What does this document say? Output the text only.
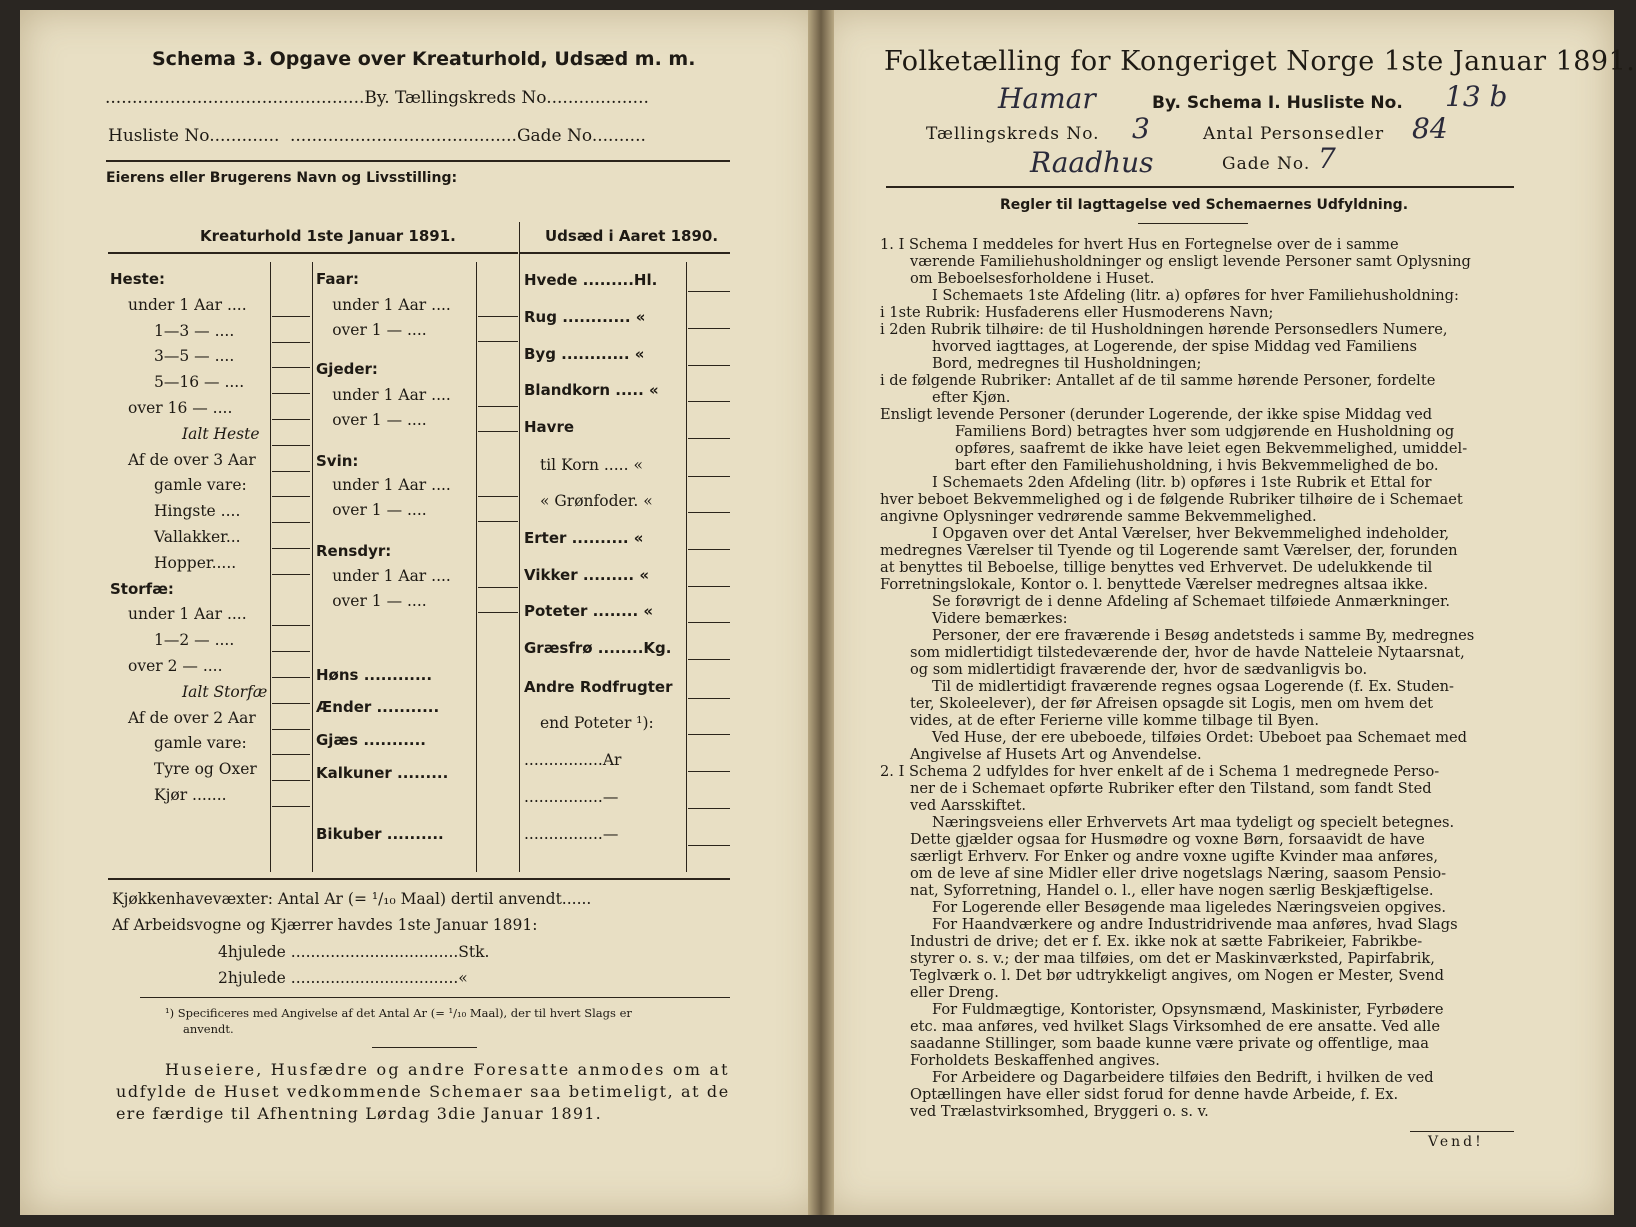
Schema 3. Opgave over Kreaturhold, Udsæd m. m.
................................................By. Tællingskreds No...................
Husliste No............. ..........................................Gade No..........
Eierens eller Brugerens Navn og Livsstilling:
Kreaturhold 1ste Januar 1891.	Udsæd i Aaret 1890.
Heste:
under 1 Aar ....
1—3 — ....
3—5 — ....
5—16 — ....
over 16 — ....
Ialt Heste
Af de over 3 Aar
gamle vare:
Hingste ....
Vallakker...
Hopper.....
Storfæ:
under 1 Aar ....
1—2 — ....
over 2 — ....
Ialt Storfæ
Af de over 2 Aar
gamle vare:
Tyre og Oxer
Kjør .......
Faar:
under 1 Aar ....
over 1 — ....
Gjeder:
under 1 Aar ....
over 1 — ....
Svin:
under 1 Aar ....
over 1 — ....
Rensdyr:
under 1 Aar ....
over 1 — ....
Høns ............
Ænder ...........
Gjæs ...........
Kalkuner .........
Bikuber ..........
Hvede .........Hl.
Rug ............ «
Byg ............ «
Blandkorn ..... «
Havre
til Korn ..... «
« Grønfoder. «
Erter .......... «
Vikker ......... «
Poteter ........ «
Græsfrø ........Kg.
Andre Rodfrugter
end Poteter ¹):
................Ar
................—
................—
Kjøkkenhavevæxter: Antal Ar (= ¹/₁₀ Maal) dertil anvendt......
Af Arbeidsvogne og Kjærrer havdes 1ste Januar 1891:
4hjulede ..................................Stk.
2hjulede ..................................«
¹) Specificeres med Angivelse af det Antal Ar (= ¹/₁₀ Maal), der til hvert Slags er
anvendt.
Huseiere, Husfædre og andre Foresatte anmodes om at
udfylde de Huset vedkommende Schemaer saa betimeligt, at de
ere færdige til Afhentning Lørdag 3die Januar 1891.
Folketælling for Kongeriget Norge 1ste Januar 1891.
Hamar	By. Schema I. Husliste No. 13 b
Tællingskreds No. 3	Antal Personsedler 84
Raadhus	Gade No. 7
Regler til Iagttagelse ved Schemaernes Udfyldning.

1. I Schema I meddeles for hvert Hus en Fortegnelse over de i samme

værende Familiehusholdninger og ensligt levende Personer samt Oplysning

om Beboelsesforholdene i Huset.

I Schemaets 1ste Afdeling (litr. a) opføres for hver Familiehusholdning:

i 1ste Rubrik: Husfaderens eller Husmoderens Navn;

i 2den Rubrik tilhøire: de til Husholdningen hørende Personsedlers Numere,

hvorved iagttages, at Logerende, der spise Middag ved Familiens

Bord, medregnes til Husholdningen;

i de følgende Rubriker: Antallet af de til samme hørende Personer, fordelte

efter Kjøn.

Ensligt levende Personer (derunder Logerende, der ikke spise Middag ved

Familiens Bord) betragtes hver som udgjørende en Husholdning og

opføres, saafremt de ikke have leiet egen Bekvemmelighed, umiddel-

bart efter den Familiehusholdning, i hvis Bekvemmelighed de bo.

I Schemaets 2den Afdeling (litr. b) opføres i 1ste Rubrik et Ettal for

hver beboet Bekvemmelighed og i de følgende Rubriker tilhøire de i Schemaet

angivne Oplysninger vedrørende samme Bekvemmelighed.

I Opgaven over det Antal Værelser, hver Bekvemmelighed indeholder,

medregnes Værelser til Tyende og til Logerende samt Værelser, der, forunden

at benyttes til Beboelse, tillige benyttes ved Erhvervet. De udelukkende til

Forretningslokale, Kontor o. l. benyttede Værelser medregnes altsaa ikke.

Se forøvrigt de i denne Afdeling af Schemaet tilføiede Anmærkninger.

Videre bemærkes:

Personer, der ere fraværende i Besøg andetsteds i samme By, medregnes

som midlertidigt tilstedeværende der, hvor de havde Natteleie Nytaarsnat,

og som midlertidigt fraværende der, hvor de sædvanligvis bo.

Til de midlertidigt fraværende regnes ogsaa Logerende (f. Ex. Studen-

ter, Skoleelever), der før Afreisen opsagde sit Logis, men om hvem det

vides, at de efter Ferierne ville komme tilbage til Byen.

Ved Huse, der ere ubeboede, tilføies Ordet: Ubeboet paa Schemaet med

Angivelse af Husets Art og Anvendelse.

2. I Schema 2 udfyldes for hver enkelt af de i Schema 1 medregnede Perso-

ner de i Schemaet opførte Rubriker efter den Tilstand, som fandt Sted

ved Aarsskiftet.

Næringsveiens eller Erhvervets Art maa tydeligt og specielt betegnes.

Dette gjælder ogsaa for Husmødre og voxne Børn, forsaavidt de have

særligt Erhverv. For Enker og andre voxne ugifte Kvinder maa anføres,

om de leve af sine Midler eller drive nogetslags Næring, saasom Pensio-

nat, Syforretning, Handel o. l., eller have nogen særlig Beskjæftigelse.

For Logerende eller Besøgende maa ligeledes Næringsveien opgives.

For Haandværkere og andre Industridrivende maa anføres, hvad Slags

Industri de drive; det er f. Ex. ikke nok at sætte Fabrikeier, Fabrikbe-

styrer o. s. v.; der maa tilføies, om det er Maskinværksted, Papirfabrik,

Teglværk o. l. Det bør udtrykkeligt angives, om Nogen er Mester, Svend

eller Dreng.

For Fuldmægtige, Kontorister, Opsynsmænd, Maskinister, Fyrbødere

etc. maa anføres, ved hvilket Slags Virksomhed de ere ansatte. Ved alle

saadanne Stillinger, som baade kunne være private og offentlige, maa

Forholdets Beskaffenhed angives.

For Arbeidere og Dagarbeidere tilføies den Bedrift, i hvilken de ved

Optællingen have eller sidst forud for denne havde Arbeide, f. Ex.

ved Trælastvirksomhed, Bryggeri o. s. v.

Vend!
